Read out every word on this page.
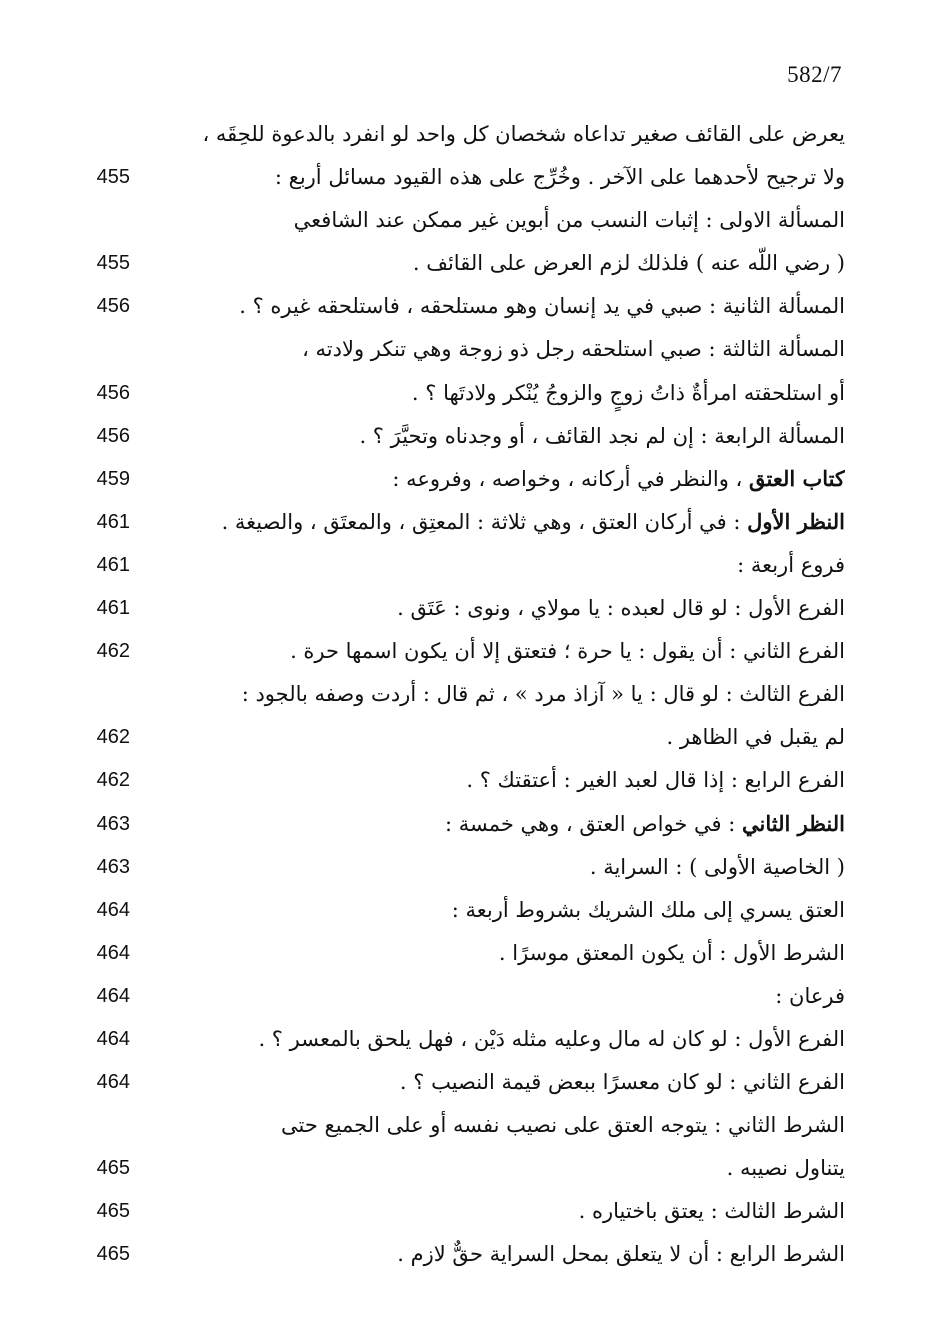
582/7
يعرض على القائف صغير تداعاه شخصان كل واحد لو انفرد بالدعوة للحِقَه ،
455	ولا ترجيح لأحدهما على الآخر . وخُرِّج على هذه القيود مسائل أربع :
المسألة الاولى : إثبات النسب من أبوين غير ممكن عند الشافعي
455	( رضي اللّه عنه ) فلذلك لزم العرض على القائف .
456	المسألة الثانية : صبي في يد إنسان وهو مستلحقه ، فاستلحقه غيره ؟ .
المسألة الثالثة : صبي استلحقه رجل ذو زوجة وهي تنكر ولادته ،
456	أو استلحقته امرأةٌ ذاتُ زوجٍ والزوجُ يُنْكر ولادتَها ؟ .
456	المسألة الرابعة : إن لم نجد القائف ، أو وجدناه وتحيَّرَ ؟ .
459	كتاب العتق ، والنظر في أركانه ، وخواصه ، وفروعه :
461	النظر الأول : في أركان العتق ، وهي ثلاثة : المعتِق ، والمعتَق ، والصيغة .
461	فروع أربعة :
461	الفرع الأول : لو قال لعبده : يا مولاي ، ونوى : عَتَق .
462	الفرع الثاني : أن يقول : يا حرة ؛ فتعتق إلا أن يكون اسمها حرة .
الفرع الثالث : لو قال : يا « آزاذ مرد » ، ثم قال : أردت وصفه بالجود :
462	لم يقبل في الظاهر .
462	الفرع الرابع : إذا قال لعبد الغير : أعتقتك ؟ .
463	النظر الثاني : في خواص العتق ، وهي خمسة :
463	( الخاصية الأولى ) : السراية .
464	العتق يسري إلى ملك الشريك بشروط أربعة :
464	الشرط الأول : أن يكون المعتق موسرًا .
464	فرعان :
464	الفرع الأول : لو كان له مال وعليه مثله دَيْن ، فهل يلحق بالمعسر ؟ .
464	الفرع الثاني : لو كان معسرًا ببعض قيمة النصيب ؟ .
الشرط الثاني : يتوجه العتق على نصيب نفسه أو على الجميع حتى
465	يتناول نصيبه .
465	الشرط الثالث : يعتق باختياره .
465	الشرط الرابع : أن لا يتعلق بمحل السراية حقٌّ لازم .
